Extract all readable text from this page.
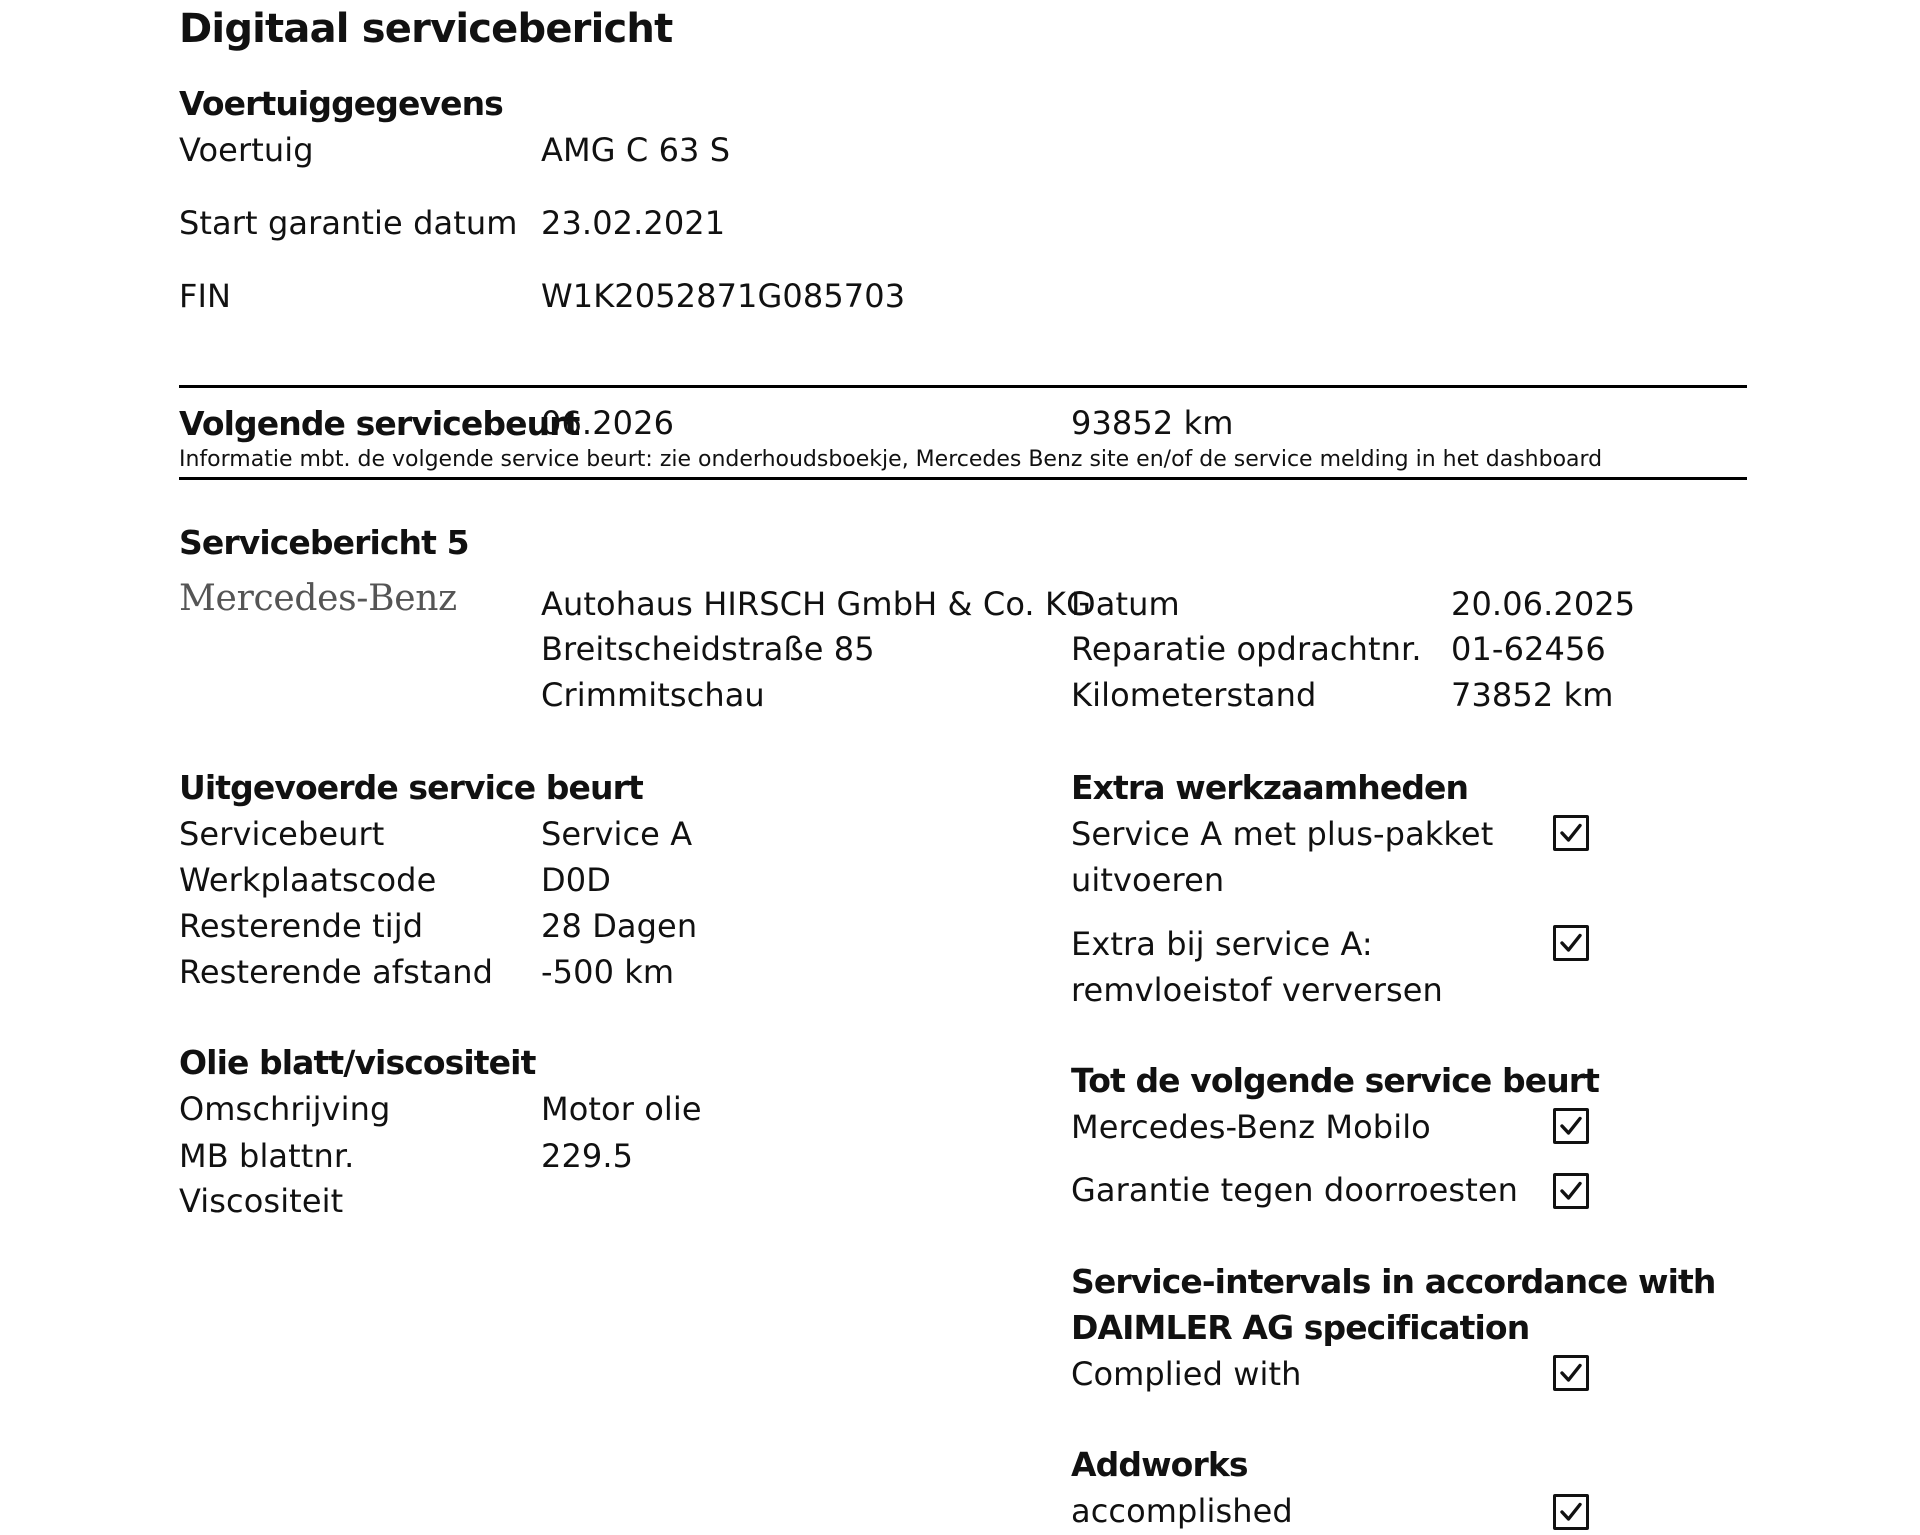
Digitaal servicebericht
Voertuiggegevens
Voertuig	AMG C 63 S
Start garantie datum 23.02.2021
FIN	W1K2052871G085703
Volgende servicebeurt
06.2026	93852 km
Informatie mbt. de volgende service beurt: zie onderhoudsboekje, Mercedes Benz site en/of de service melding in het dashboard
Servicebericht 5
Mercedes-Benz	Autohaus HIRSCH GmbH & Co. KG
Breitscheidstraße 85
Crimmitschau
Datum	20.06.2025
Reparatie opdrachtnr. 01-62456
Kilometerstand	73852 km
Uitgevoerde service beurt
Servicebeurt	Service A
Werkplaatscode	D0D
Resterende tijd	28 Dagen
Resterende afstand -500 km
Olie blatt/viscositeit
Omschrijving	Motor olie
MB blattnr.	229.5
Viscositeit
Extra werkzaamheden
Service A met plus-pakket
uitvoeren
Extra bij service A:
remvloeistof verversen
Tot de volgende service beurt
Mercedes-Benz Mobilo
Garantie tegen doorroesten
Service-intervals in accordance with
DAIMLER AG specification
Complied with
Addworks
accomplished
